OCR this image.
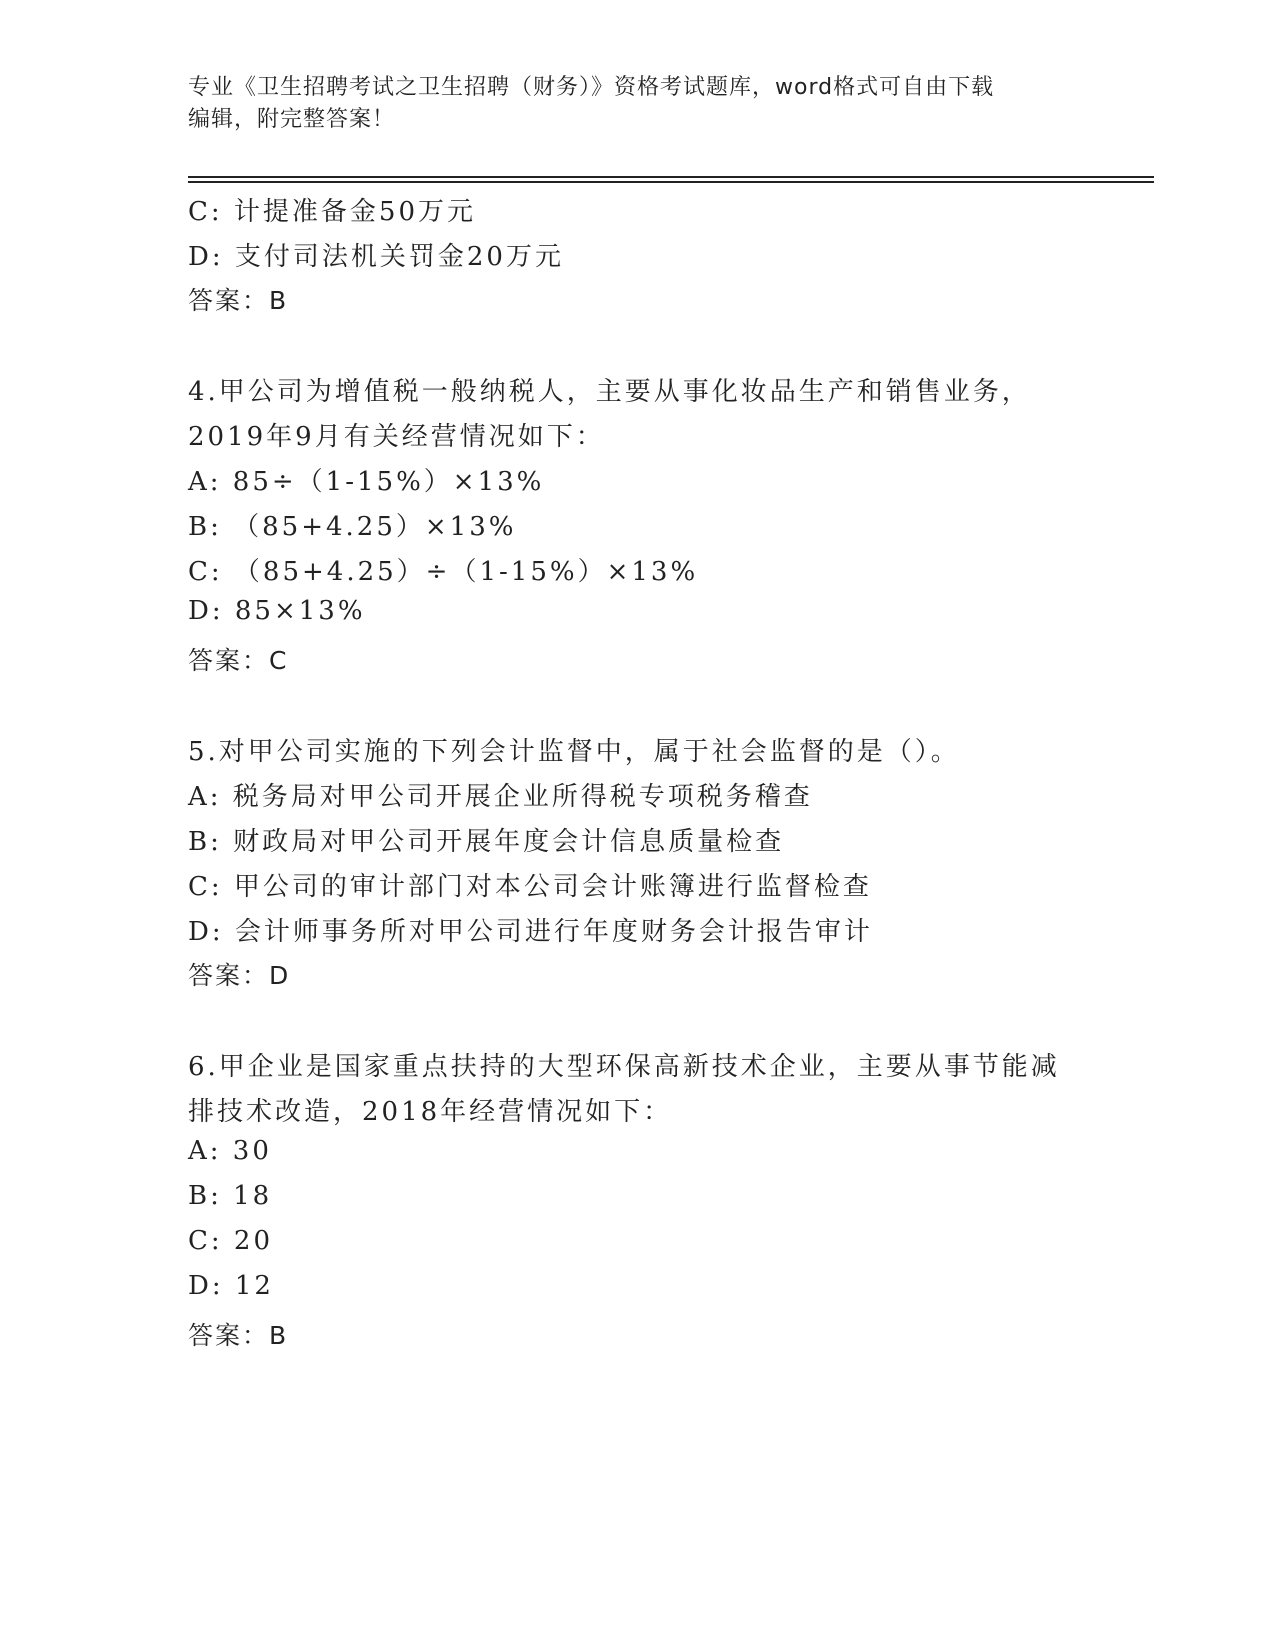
专业《卫生招聘考试之卫生招聘（财务）》资格考试题库，word格式可自由下载
编辑，附完整答案！
C: 计提准备金50万元
D: 支付司法机关罚金20万元
答案：B
4.甲公司为增值税一般纳税人，主要从事化妆品生产和销售业务，
2019年9月有关经营情况如下：
A: 85÷（1-15%）×13%
B: （85+4.25）×13%
C: （85+4.25）÷（1-15%）×13%
D: 85×13%
答案：C
5.对甲公司实施的下列会计监督中，属于社会监督的是（）。
A: 税务局对甲公司开展企业所得税专项税务稽查
B: 财政局对甲公司开展年度会计信息质量检查
C: 甲公司的审计部门对本公司会计账簿进行监督检查
D: 会计师事务所对甲公司进行年度财务会计报告审计
答案：D
6.甲企业是国家重点扶持的大型环保高新技术企业，主要从事节能减
排技术改造，2018年经营情况如下：
A: 30
B: 18
C: 20
D: 12
答案：B
